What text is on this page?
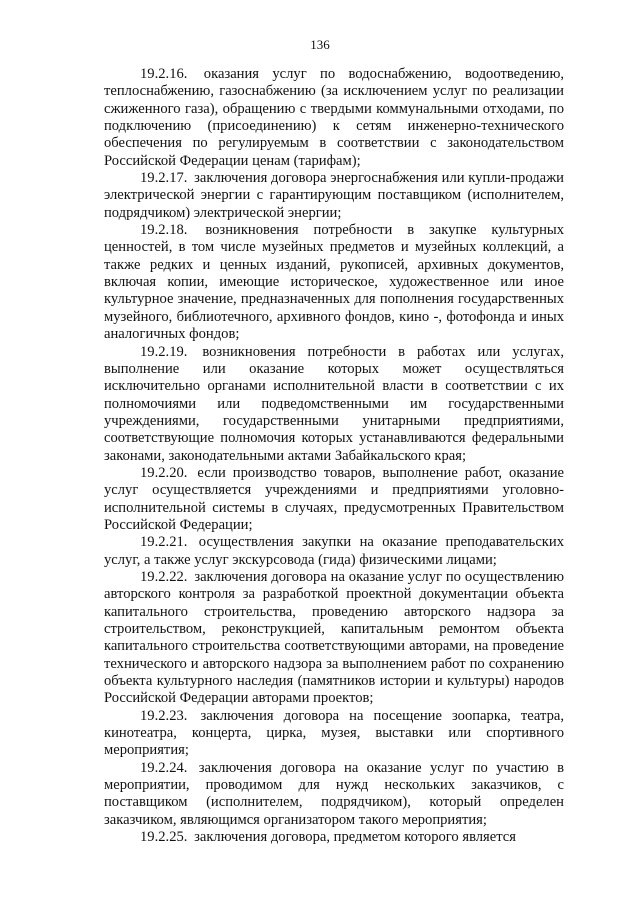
136

19.2.16. оказания услуг по водоснабжению, водоотведению, теплоснабжению, газоснабжению (за исключением услуг по реализации сжиженного газа), обращению с твердыми коммунальными отходами, по подключению (присоединению) к сетям инженерно-технического обеспечения по регулируемым в соответствии с законодательством Российской Федерации ценам (тарифам);

19.2.17. заключения договора энергоснабжения или купли-продажи электрической энергии с гарантирующим поставщиком (исполнителем, подрядчиком) электрической энергии;

19.2.18. возникновения потребности в закупке культурных ценностей, в том числе музейных предметов и музейных коллекций, а также редких и ценных изданий, рукописей, архивных документов, включая копии, имеющие историческое, художественное или иное культурное значение, предназначенных для пополнения государственных музейного, библиотечного, архивного фондов, кино -, фотофонда и иных аналогичных фондов;

19.2.19. возникновения потребности в работах или услугах, выполнение или оказание которых может осуществляться исключительно органами исполнительной власти в соответствии с их полномочиями или подведомственными им государственными учреждениями, государственными унитарными предприятиями, соответствующие полномочия которых устанавливаются федеральными законами, законодательными актами Забайкальского края;

19.2.20. если производство товаров, выполнение работ, оказание услуг осуществляется учреждениями и предприятиями уголовно-исполнительной системы в случаях, предусмотренных Правительством Российской Федерации;

19.2.21. осуществления закупки на оказание преподавательских услуг, а также услуг экскурсовода (гида) физическими лицами;

19.2.22. заключения договора на оказание услуг по осуществлению авторского контроля за разработкой проектной документации объекта капитального строительства, проведению авторского надзора за строительством, реконструкцией, капитальным ремонтом объекта капитального строительства соответствующими авторами, на проведение технического и авторского надзора за выполнением работ по сохранению объекта культурного наследия (памятников истории и культуры) народов Российской Федерации авторами проектов;

19.2.23. заключения договора на посещение зоопарка, театра, кинотеатра, концерта, цирка, музея, выставки или спортивного мероприятия;

19.2.24. заключения договора на оказание услуг по участию в мероприятии, проводимом для нужд нескольких заказчиков, с поставщиком (исполнителем, подрядчиком), который определен заказчиком, являющимся организатором такого мероприятия;

19.2.25. заключения договора, предметом которого является
